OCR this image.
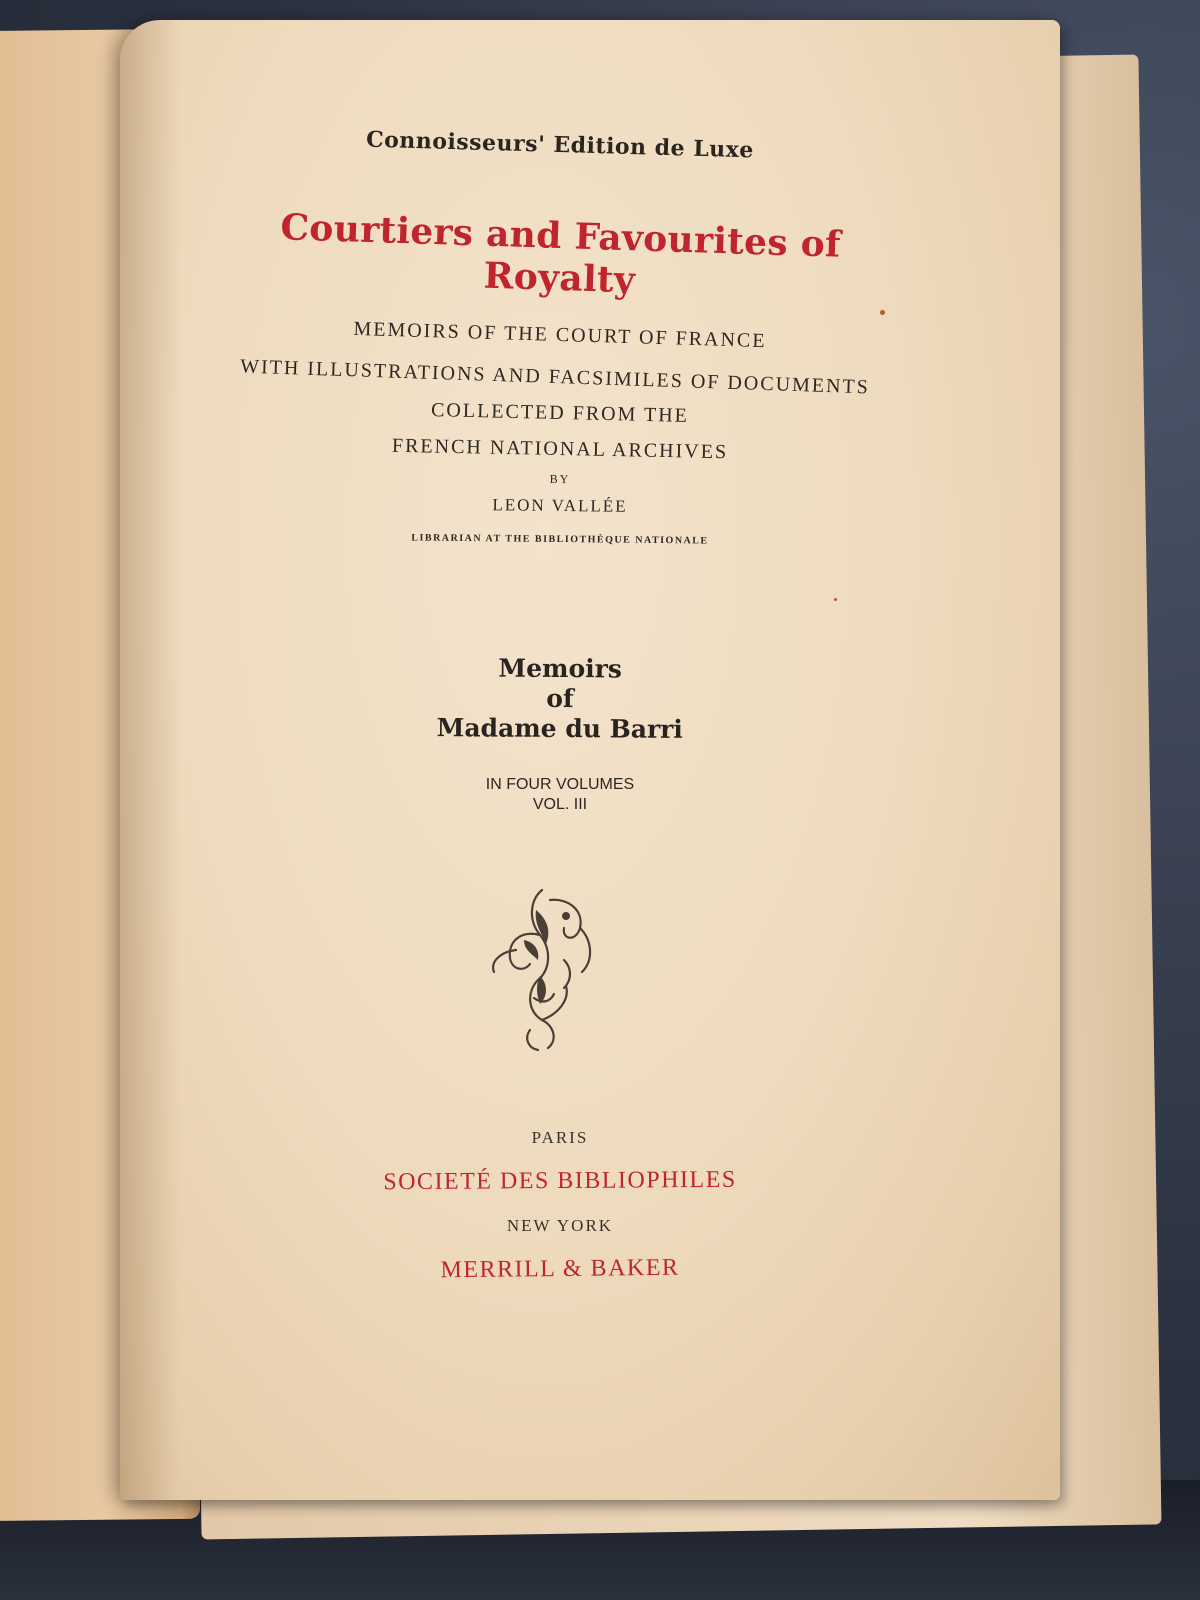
Connoisseurs' Edition de Luxe
Courtiers and Favourites of Royalty
MEMOIRS OF THE COURT OF FRANCE
WITH ILLUSTRATIONS AND FACSIMILES OF DOCUMENTS
COLLECTED FROM THE
FRENCH NATIONAL ARCHIVES
BY
LEON VALLÉE
LIBRARIAN AT THE BIBLIOTHÈQUE NATIONALE
Memoirs
of
Madame du Barri
IN FOUR VOLUMES
VOL. III
PARIS
SOCIETÉ DES BIBLIOPHILES
NEW YORK
MERRILL & BAKER
